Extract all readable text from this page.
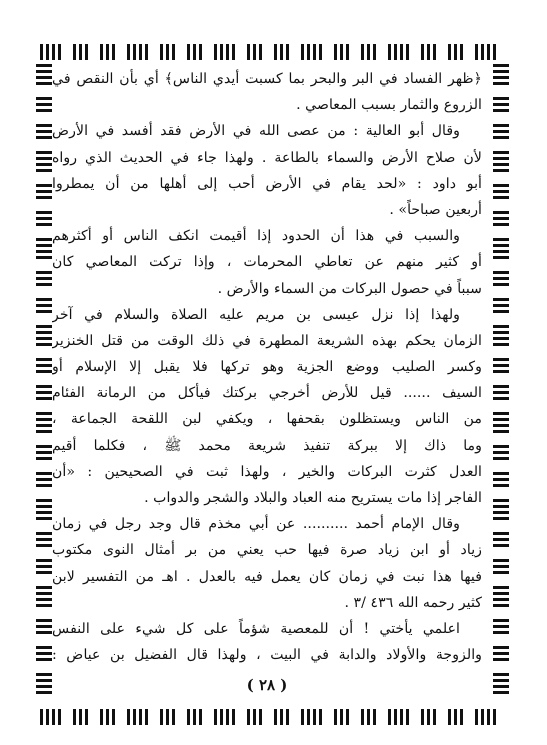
﴿ظهر الفساد في البر والبحر بما كسبت أيدي الناس﴾ أي بأن النقص في
الزروع والثمار بسبب المعاصي .
وقال أبو العالية : من عصى الله في الأرض فقد أفسد في الأرض
لأن صلاح الأرض والسماء بالطاعة . ولهذا جاء في الحديث الذي رواه
أبو داود : «لحد يقام في الأرض أحب إلى أهلها من أن يمطروا
أربعين صباحاً» .
والسبب في هذا أن الحدود إذا أقيمت انكف الناس أو أكثرهم
أو كثير منهم عن تعاطي المحرمات ، وإذا تركت المعاصي كان
سبباً في حصول البركات من السماء والأرض .
ولهذا إذا نزل عيسى بن مريم عليه الصلاة والسلام في آخر
الزمان يحكم بهذه الشريعة المطهرة في ذلك الوقت من قتل الخنزير
وكسر الصليب ووضع الجزية وهو تركها فلا يقبل إلا الإسلام أو
السيف ...... قيل للأرض أخرجي بركتك فيأكل من الرمانة الفئام
من الناس ويستظلون بقحفها ، ويكفي لبن اللقحة الجماعة ،
وما ذاك إلا ببركة تنفيذ شريعة محمد ﷺ ، فكلما أقيم
العدل كثرت البركات والخير ، ولهذا ثبت في الصحيحين : «أن
الفاجر إذا مات يستريح منه العباد والبلاد والشجر والدواب .
وقال الإمام أحمد .......... عن أبي مخذم قال وجد رجل في زمان
زياد أو ابن زياد صرة فيها حب يعني من بر أمثال النوى مكتوب
فيها هذا نبت في زمان كان يعمل فيه بالعدل . اهـ من التفسير لابن
كثير رحمه الله ٤٣٦ /٣ .
اعلمي يأختي ! أن للمعصية شؤماً على كل شيء على النفس
والزوجة والأولاد والدابة في البيت ، ولهذا قال الفضيل بن عياض :
( ٢٨ )
